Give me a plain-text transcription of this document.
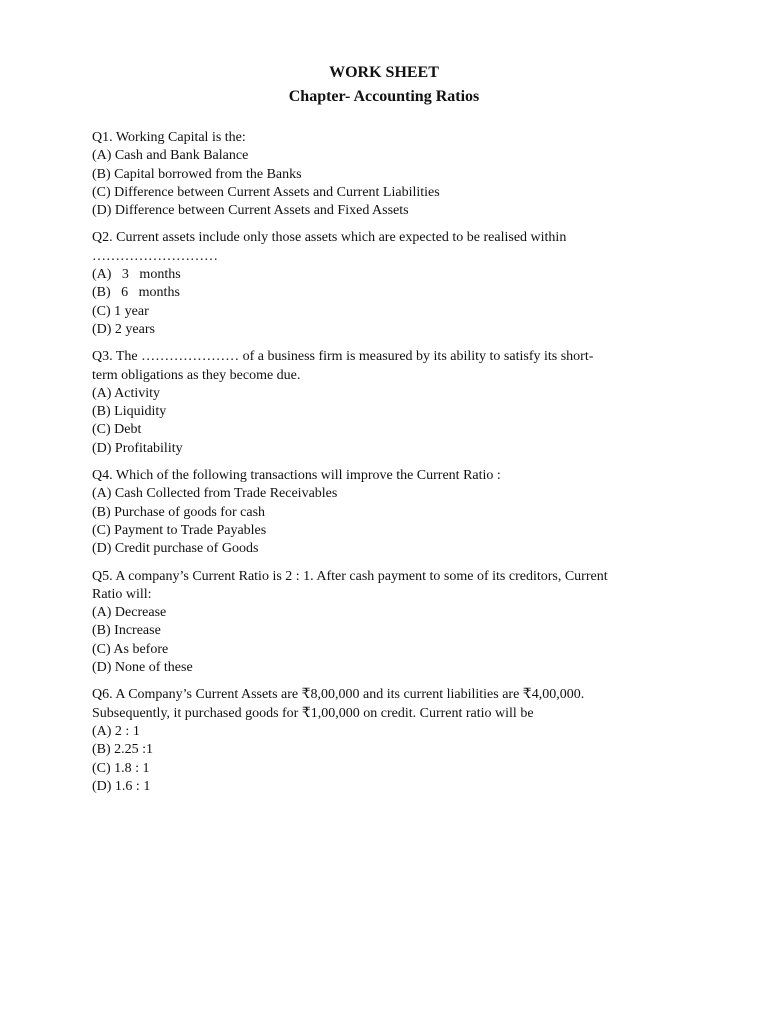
WORK SHEET
Chapter- Accounting Ratios
Q1. Working Capital is the:
(A) Cash and Bank Balance
(B) Capital borrowed from the Banks
(C) Difference between Current Assets and Current Liabilities
(D) Difference between Current Assets and Fixed Assets
Q2. Current assets include only those assets which are expected to be realised within ………………………
(A)   3   months
(B)   6   months
(C) 1 year
(D) 2 years
Q3. The ………………… of a business firm is measured by its ability to satisfy its short-term obligations as they become due.
(A) Activity
(B) Liquidity
(C) Debt
(D) Profitability
Q4. Which of the following transactions will improve the Current Ratio :
(A) Cash Collected from Trade Receivables
(B) Purchase of goods for cash
(C) Payment to Trade Payables
(D) Credit purchase of Goods
Q5. A company’s Current Ratio is 2 : 1. After cash payment to some of its creditors, Current Ratio will:
(A) Decrease
(B) Increase
(C) As before
(D) None of these
Q6. A Company’s Current Assets are ₹8,00,000 and its current liabilities are ₹4,00,000. Subsequently, it purchased goods for ₹1,00,000 on credit. Current ratio will be
(A) 2 : 1
(B) 2.25 :1
(C) 1.8 : 1
(D) 1.6 : 1
